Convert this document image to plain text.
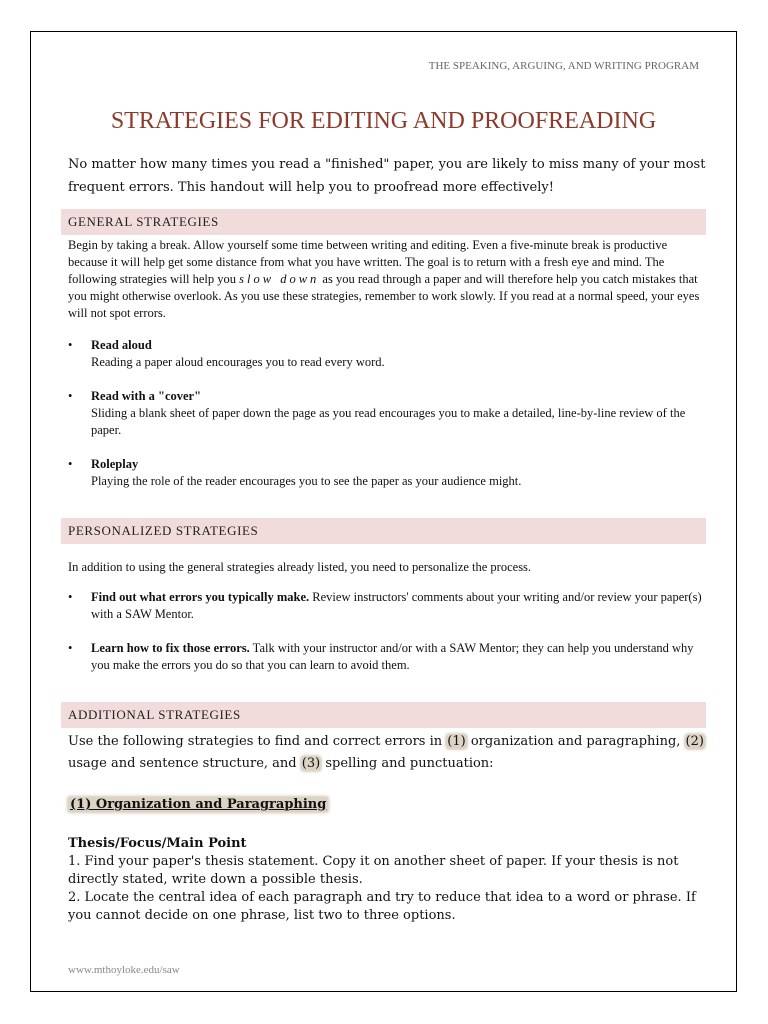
THE SPEAKING, ARGUING, AND WRITING PROGRAM
STRATEGIES FOR EDITING AND PROOFREADING
No matter how many times you read a "finished" paper, you are likely to miss many of your most frequent errors. This handout will help you to proofread more effectively!
GENERAL STRATEGIES
Begin by taking a break. Allow yourself some time between writing and editing. Even a five-minute break is productive because it will help get some distance from what you have written. The goal is to return with a fresh eye and mind. The following strategies will help you slow down as you read through a paper and will therefore help you catch mistakes that you might otherwise overlook. As you use these strategies, remember to work slowly. If you read at a normal speed, your eyes will not spot errors.
• Read aloud
Reading a paper aloud encourages you to read every word.
• Read with a "cover"
Sliding a blank sheet of paper down the page as you read encourages you to make a detailed, line-by-line review of the paper.
• Roleplay
Playing the role of the reader encourages you to see the paper as your audience might.
PERSONALIZED STRATEGIES
In addition to using the general strategies already listed, you need to personalize the process.
• Find out what errors you typically make. Review instructors' comments about your writing and/or review your paper(s) with a SAW Mentor.
• Learn how to fix those errors. Talk with your instructor and/or with a SAW Mentor; they can help you understand why you make the errors you do so that you can learn to avoid them.
ADDITIONAL STRATEGIES
Use the following strategies to find and correct errors in (1) organization and paragraphing, (2) usage and sentence structure, and (3) spelling and punctuation:
(1) Organization and Paragraphing
Thesis/Focus/Main Point
1. Find your paper's thesis statement. Copy it on another sheet of paper. If your thesis is not directly stated, write down a possible thesis.
2. Locate the central idea of each paragraph and try to reduce that idea to a word or phrase. If you cannot decide on one phrase, list two to three options.
www.mthoyloke.edu/saw
